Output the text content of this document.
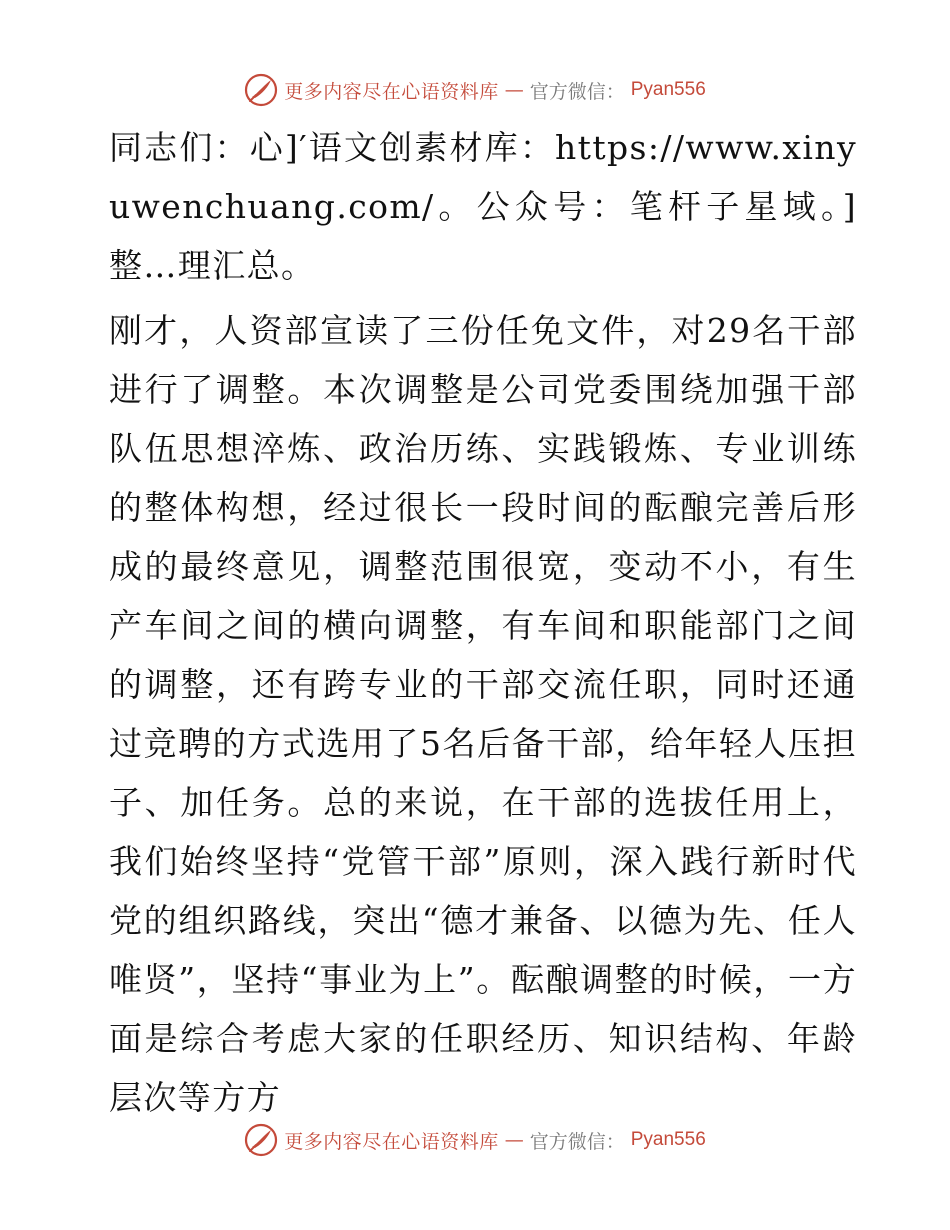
更多内容尽在心语资料库 — 官方微信： Pyan556

同志们：心]′语文创素材库：https://www.xinyuwenchuang.com/。公众号：笔杆子星域。]整…理汇总。

刚才，人资部宣读了三份任免文件，对29名干部进行了调整。本次调整是公司党委围绕加强干部队伍思想淬炼、政治历练、实践锻炼、专业训练的整体构想，经过很长一段时间的酝酿完善后形成的最终意见，调整范围很宽，变动不小，有生产车间之间的横向调整，有车间和职能部门之间的调整，还有跨专业的干部交流任职，同时还通过竞聘的方式选用了5名后备干部，给年轻人压担子、加任务。总的来说，在干部的选拔任用上，我们始终坚持“党管干部”原则，深入践行新时代党的组织路线，突出“德才兼备、以德为先、任人唯贤”，坚持“事业为上”。酝酿调整的时候，一方面是综合考虑大家的任职经历、知识结构、年龄层次等方方

更多内容尽在心语资料库 — 官方微信： Pyan556
